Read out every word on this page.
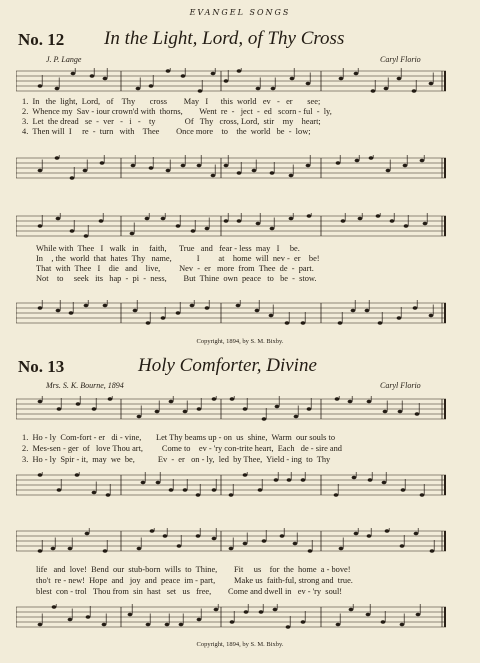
EVANGEL SONGS
No. 12 In the Light, Lord, of Thy Cross
J. P. Lange	Caryl Florio
1.  In   the  light,  Lord,   of    Thy       cross        May   I      this  world   ev   -   er       see;
2.  Whence my  Sav - iour crown'd with  thorns,        Went  re  -   ject  -  ed   scorn - ful  -  ly,
3.  Let  the dread   se  -  ver   -   i   -    ty              Of   Thy   cross, Lord,  stir    my    heart;
4.  Then will  I     re  -  turn   with    Thee        Once more    to    the  world   be  -  low;
While with  Thee   I   walk   in     faith,      True   and   fear - less  may   I     be.
In    , the  world  that  hates  Thy   name,            I         at    home  will  nev -  er    be!
That  with  Thee   I    die   and    live,         Nev  -  er   more  from  Thee  de  -  part.
Not    to     seek   its   hap  -  pi  -  ness,        But  Thine  own  peace   to   be  -  stow.
Copyright, 1894, by S. M. Bixby.
No. 13	Holy Comforter, Divine
Mrs. S. K. Bourne, 1894	Caryl Florio
1.  Ho - ly  Com-fort - er   di - vine,       Let Thy beams up - on  us  shine,  Warm  our souls to
2.  Mes-sen - ger  of   love Thou art,         Come to    ev - 'ry con-trite heart,  Each   de - sire and
3.  Ho - ly  Spir - it,  may  we  be,           Ev  -  er   on - ly,  led  by Thee,  Yield - ing  to  Thy
life   and  love!  Bend  our  stub-born  wills  to  Thine,        Fit     us    for  the  home  a - bove!
tho't  re - new!  Hope  and   joy  and  peace  im - part,         Make us  faith-ful, strong and  true.
blest  con - trol   Thou from  sin  hast   set   us   free,        Come and dwell in   ev - 'ry  soul!
Copyright, 1894, by S. M. Bixby.
